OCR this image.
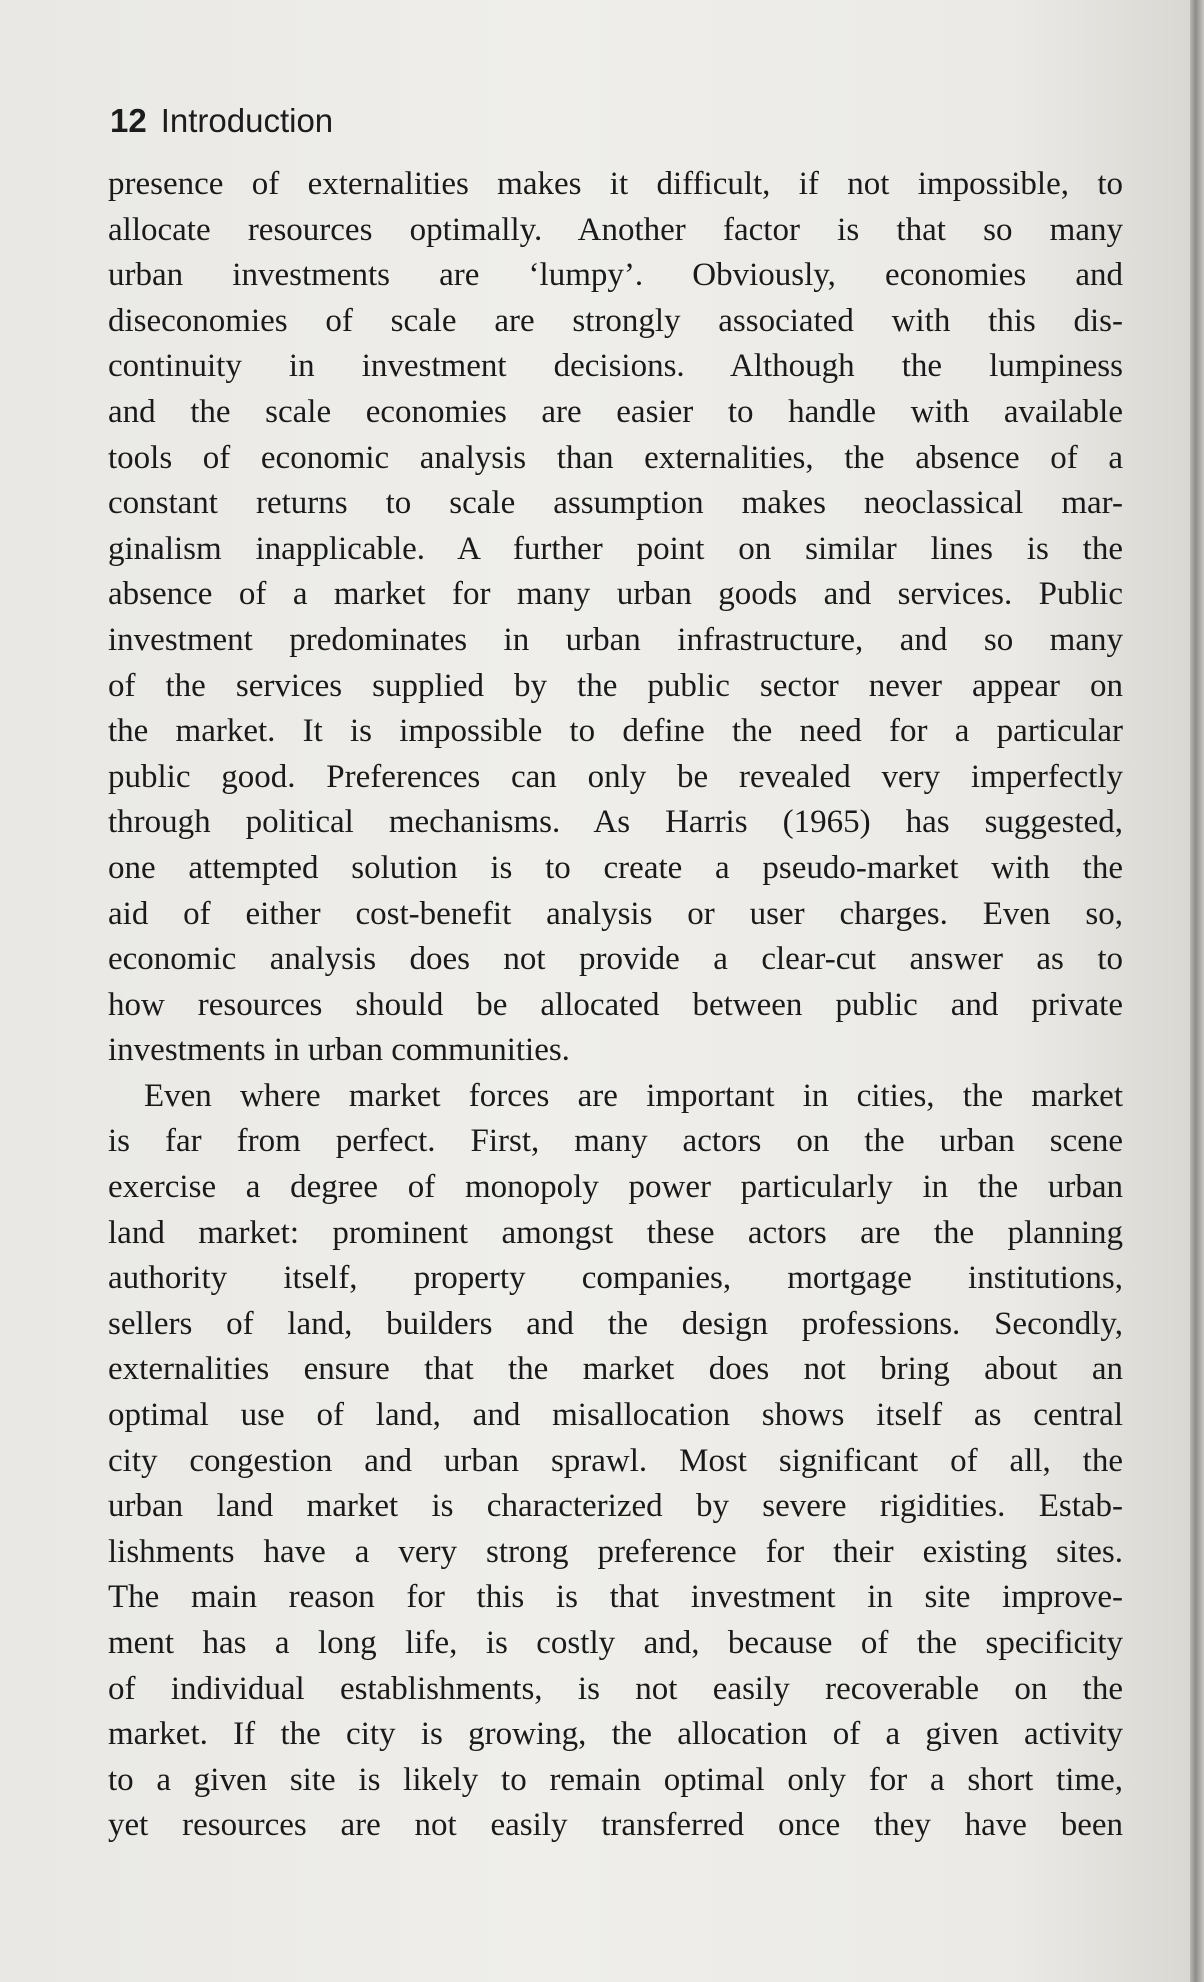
12 Introduction
presence of externalities makes it difficult, if not impossible, to
allocate resources optimally. Another factor is that so many
urban investments are ‘lumpy’. Obviously, economies and
diseconomies of scale are strongly associated with this dis-
continuity in investment decisions. Although the lumpiness
and the scale economies are easier to handle with available
tools of economic analysis than externalities, the absence of a
constant returns to scale assumption makes neoclassical mar-
ginalism inapplicable. A further point on similar lines is the
absence of a market for many urban goods and services. Public
investment predominates in urban infrastructure, and so many
of the services supplied by the public sector never appear on
the market. It is impossible to define the need for a particular
public good. Preferences can only be revealed very imperfectly
through political mechanisms. As Harris (1965) has suggested,
one attempted solution is to create a pseudo-market with the
aid of either cost-benefit analysis or user charges. Even so,
economic analysis does not provide a clear-cut answer as to
how resources should be allocated between public and private
investments in urban communities.
Even where market forces are important in cities, the market
is far from perfect. First, many actors on the urban scene
exercise a degree of monopoly power particularly in the urban
land market: prominent amongst these actors are the planning
authority itself, property companies, mortgage institutions,
sellers of land, builders and the design professions. Secondly,
externalities ensure that the market does not bring about an
optimal use of land, and misallocation shows itself as central
city congestion and urban sprawl. Most significant of all, the
urban land market is characterized by severe rigidities. Estab-
lishments have a very strong preference for their existing sites.
The main reason for this is that investment in site improve-
ment has a long life, is costly and, because of the specificity
of individual establishments, is not easily recoverable on the
market. If the city is growing, the allocation of a given activity
to a given site is likely to remain optimal only for a short time,
yet resources are not easily transferred once they have been
